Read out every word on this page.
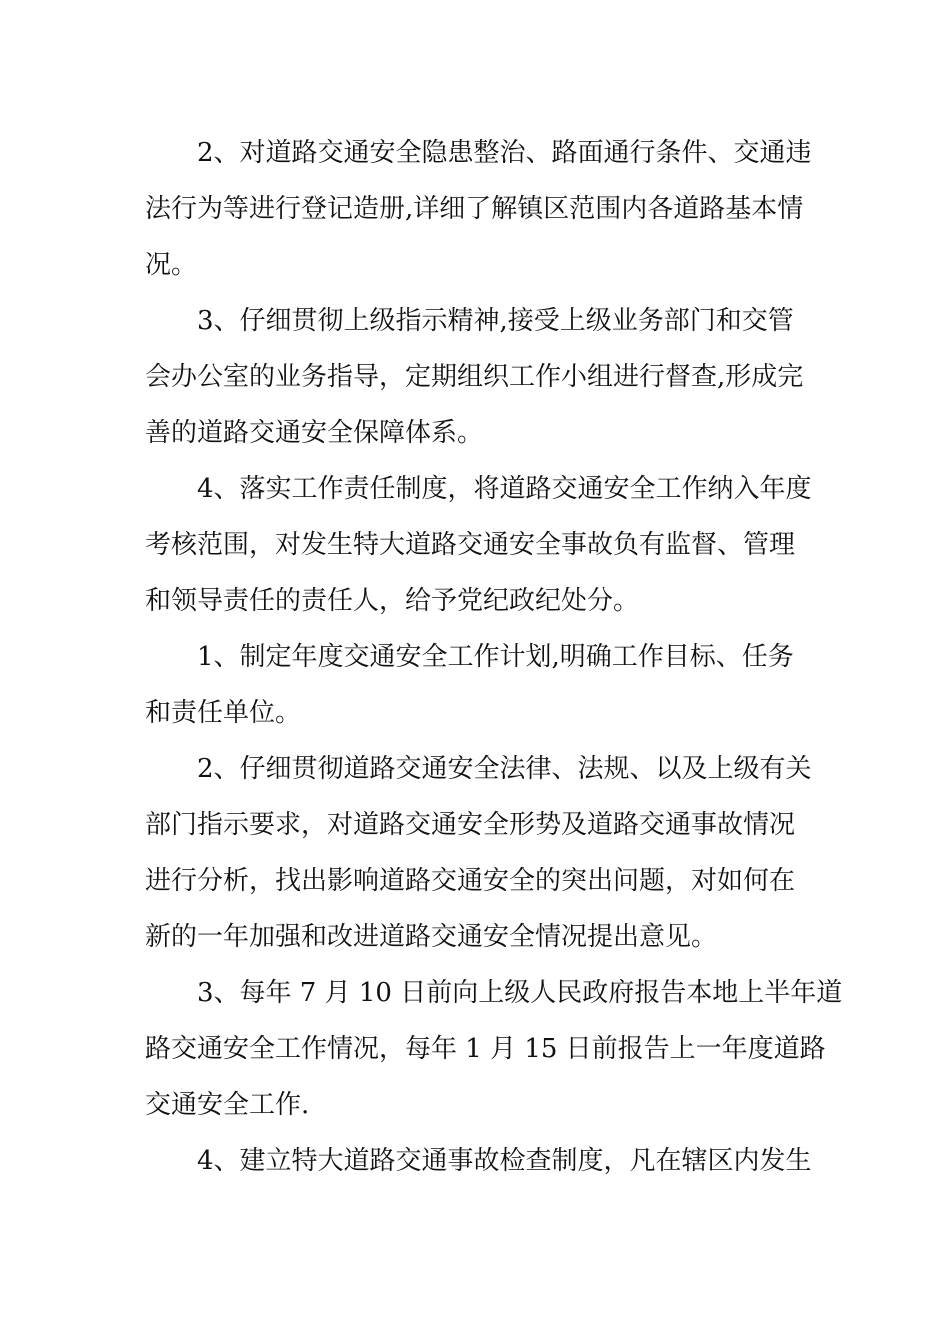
2、对道路交通安全隐患整治、路面通行条件、交通违
法行为等进行登记造册,详细了解镇区范围内各道路基本情
况。

3、仔细贯彻上级指示精神,接受上级业务部门和交管
会办公室的业务指导，定期组织工作小组进行督查,形成完
善的道路交通安全保障体系。

4、落实工作责任制度，将道路交通安全工作纳入年度
考核范围，对发生特大道路交通安全事故负有监督、管理
和领导责任的责任人，给予党纪政纪处分。

1、制定年度交通安全工作计划,明确工作目标、任务
和责任单位。

2、仔细贯彻道路交通安全法律、法规、以及上级有关
部门指示要求，对道路交通安全形势及道路交通事故情况
进行分析，找出影响道路交通安全的突出问题，对如何在
新的一年加强和改进道路交通安全情况提出意见。

3、每年 7 月 10 日前向上级人民政府报告本地上半年道
路交通安全工作情况，每年 1 月 15 日前报告上一年度道路
交通安全工作.

4、建立特大道路交通事故检查制度，凡在辖区内发生
